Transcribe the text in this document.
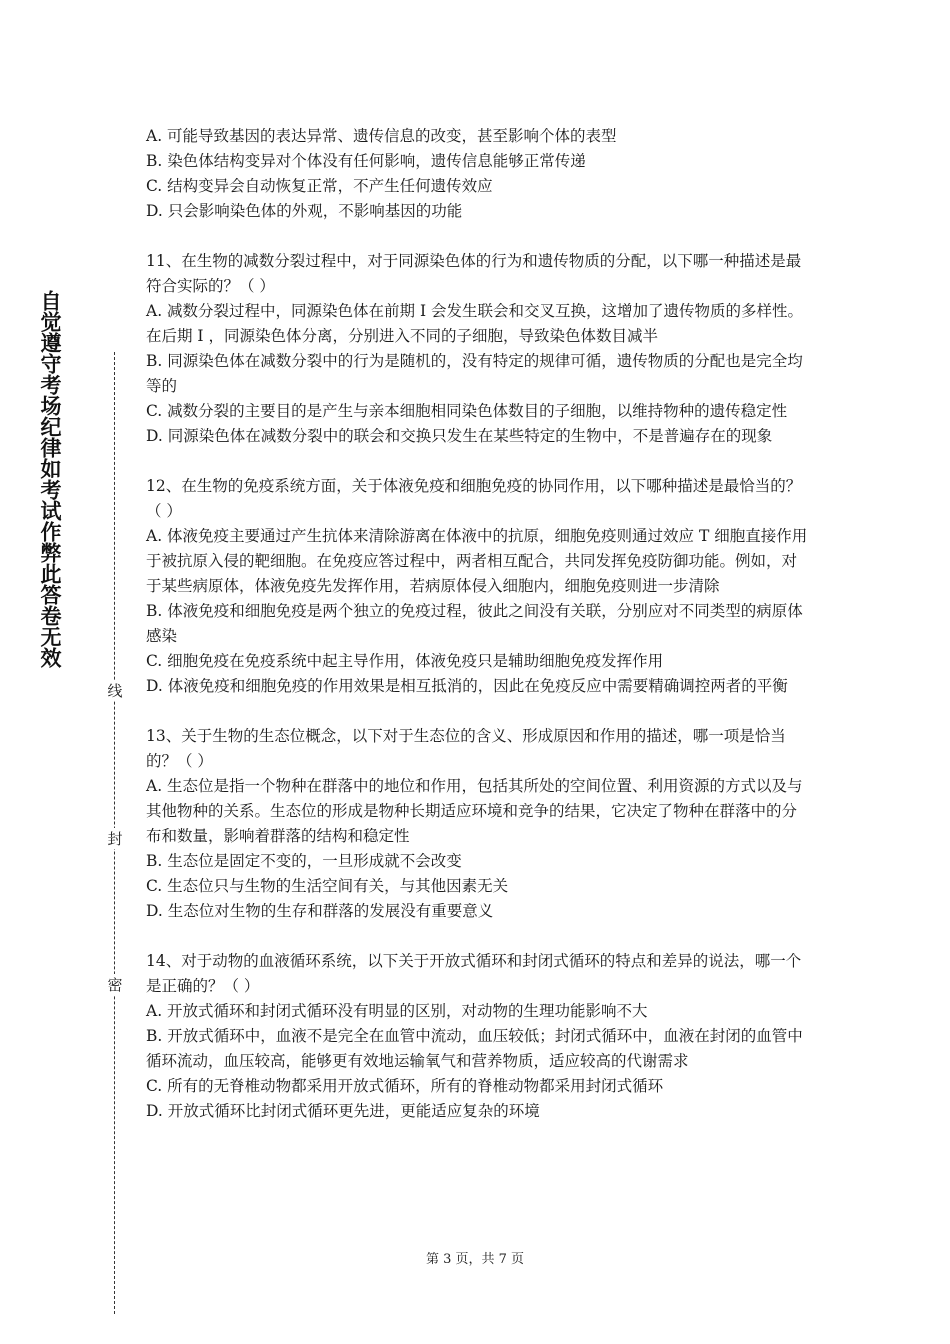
自觉遵守考场纪律如考试作弊此答卷无效
线
封
密

A. 可能导致基因的表达异常、遗传信息的改变，甚至影响个体的表型

B. 染色体结构变异对个体没有任何影响，遗传信息能够正常传递

C. 结构变异会自动恢复正常，不产生任何遗传效应

D. 只会影响染色体的外观，不影响基因的功能

11、在生物的减数分裂过程中，对于同源染色体的行为和遗传物质的分配，以下哪一种描述是最符合实际的？（ ）

A. 减数分裂过程中，同源染色体在前期 I 会发生联会和交叉互换，这增加了遗传物质的多样性。在后期 I ，同源染色体分离，分别进入不同的子细胞，导致染色体数目减半

B. 同源染色体在减数分裂中的行为是随机的，没有特定的规律可循，遗传物质的分配也是完全均等的

C. 减数分裂的主要目的是产生与亲本细胞相同染色体数目的子细胞，以维持物种的遗传稳定性

D. 同源染色体在减数分裂中的联会和交换只发生在某些特定的生物中，不是普遍存在的现象

12、在生物的免疫系统方面，关于体液免疫和细胞免疫的协同作用，以下哪种描述是最恰当的？（ ）

A. 体液免疫主要通过产生抗体来清除游离在体液中的抗原，细胞免疫则通过效应 T 细胞直接作用于被抗原入侵的靶细胞。在免疫应答过程中，两者相互配合，共同发挥免疫防御功能。例如，对于某些病原体，体液免疫先发挥作用，若病原体侵入细胞内，细胞免疫则进一步清除

B. 体液免疫和细胞免疫是两个独立的免疫过程，彼此之间没有关联，分别应对不同类型的病原体感染

C. 细胞免疫在免疫系统中起主导作用，体液免疫只是辅助细胞免疫发挥作用

D. 体液免疫和细胞免疫的作用效果是相互抵消的，因此在免疫反应中需要精确调控两者的平衡

13、关于生物的生态位概念，以下对于生态位的含义、形成原因和作用的描述，哪一项是恰当的？（ ）

A. 生态位是指一个物种在群落中的地位和作用，包括其所处的空间位置、利用资源的方式以及与其他物种的关系。生态位的形成是物种长期适应环境和竞争的结果，它决定了物种在群落中的分布和数量，影响着群落的结构和稳定性

B. 生态位是固定不变的，一旦形成就不会改变

C. 生态位只与生物的生活空间有关，与其他因素无关

D. 生态位对生物的生存和群落的发展没有重要意义

14、对于动物的血液循环系统，以下关于开放式循环和封闭式循环的特点和差异的说法，哪一个是正确的？（ ）

A. 开放式循环和封闭式循环没有明显的区别，对动物的生理功能影响不大

B. 开放式循环中，血液不是完全在血管中流动，血压较低；封闭式循环中，血液在封闭的血管中循环流动，血压较高，能够更有效地运输氧气和营养物质，适应较高的代谢需求

C. 所有的无脊椎动物都采用开放式循环，所有的脊椎动物都采用封闭式循环

D. 开放式循环比封闭式循环更先进，更能适应复杂的环境

第 3 页，共 7 页
